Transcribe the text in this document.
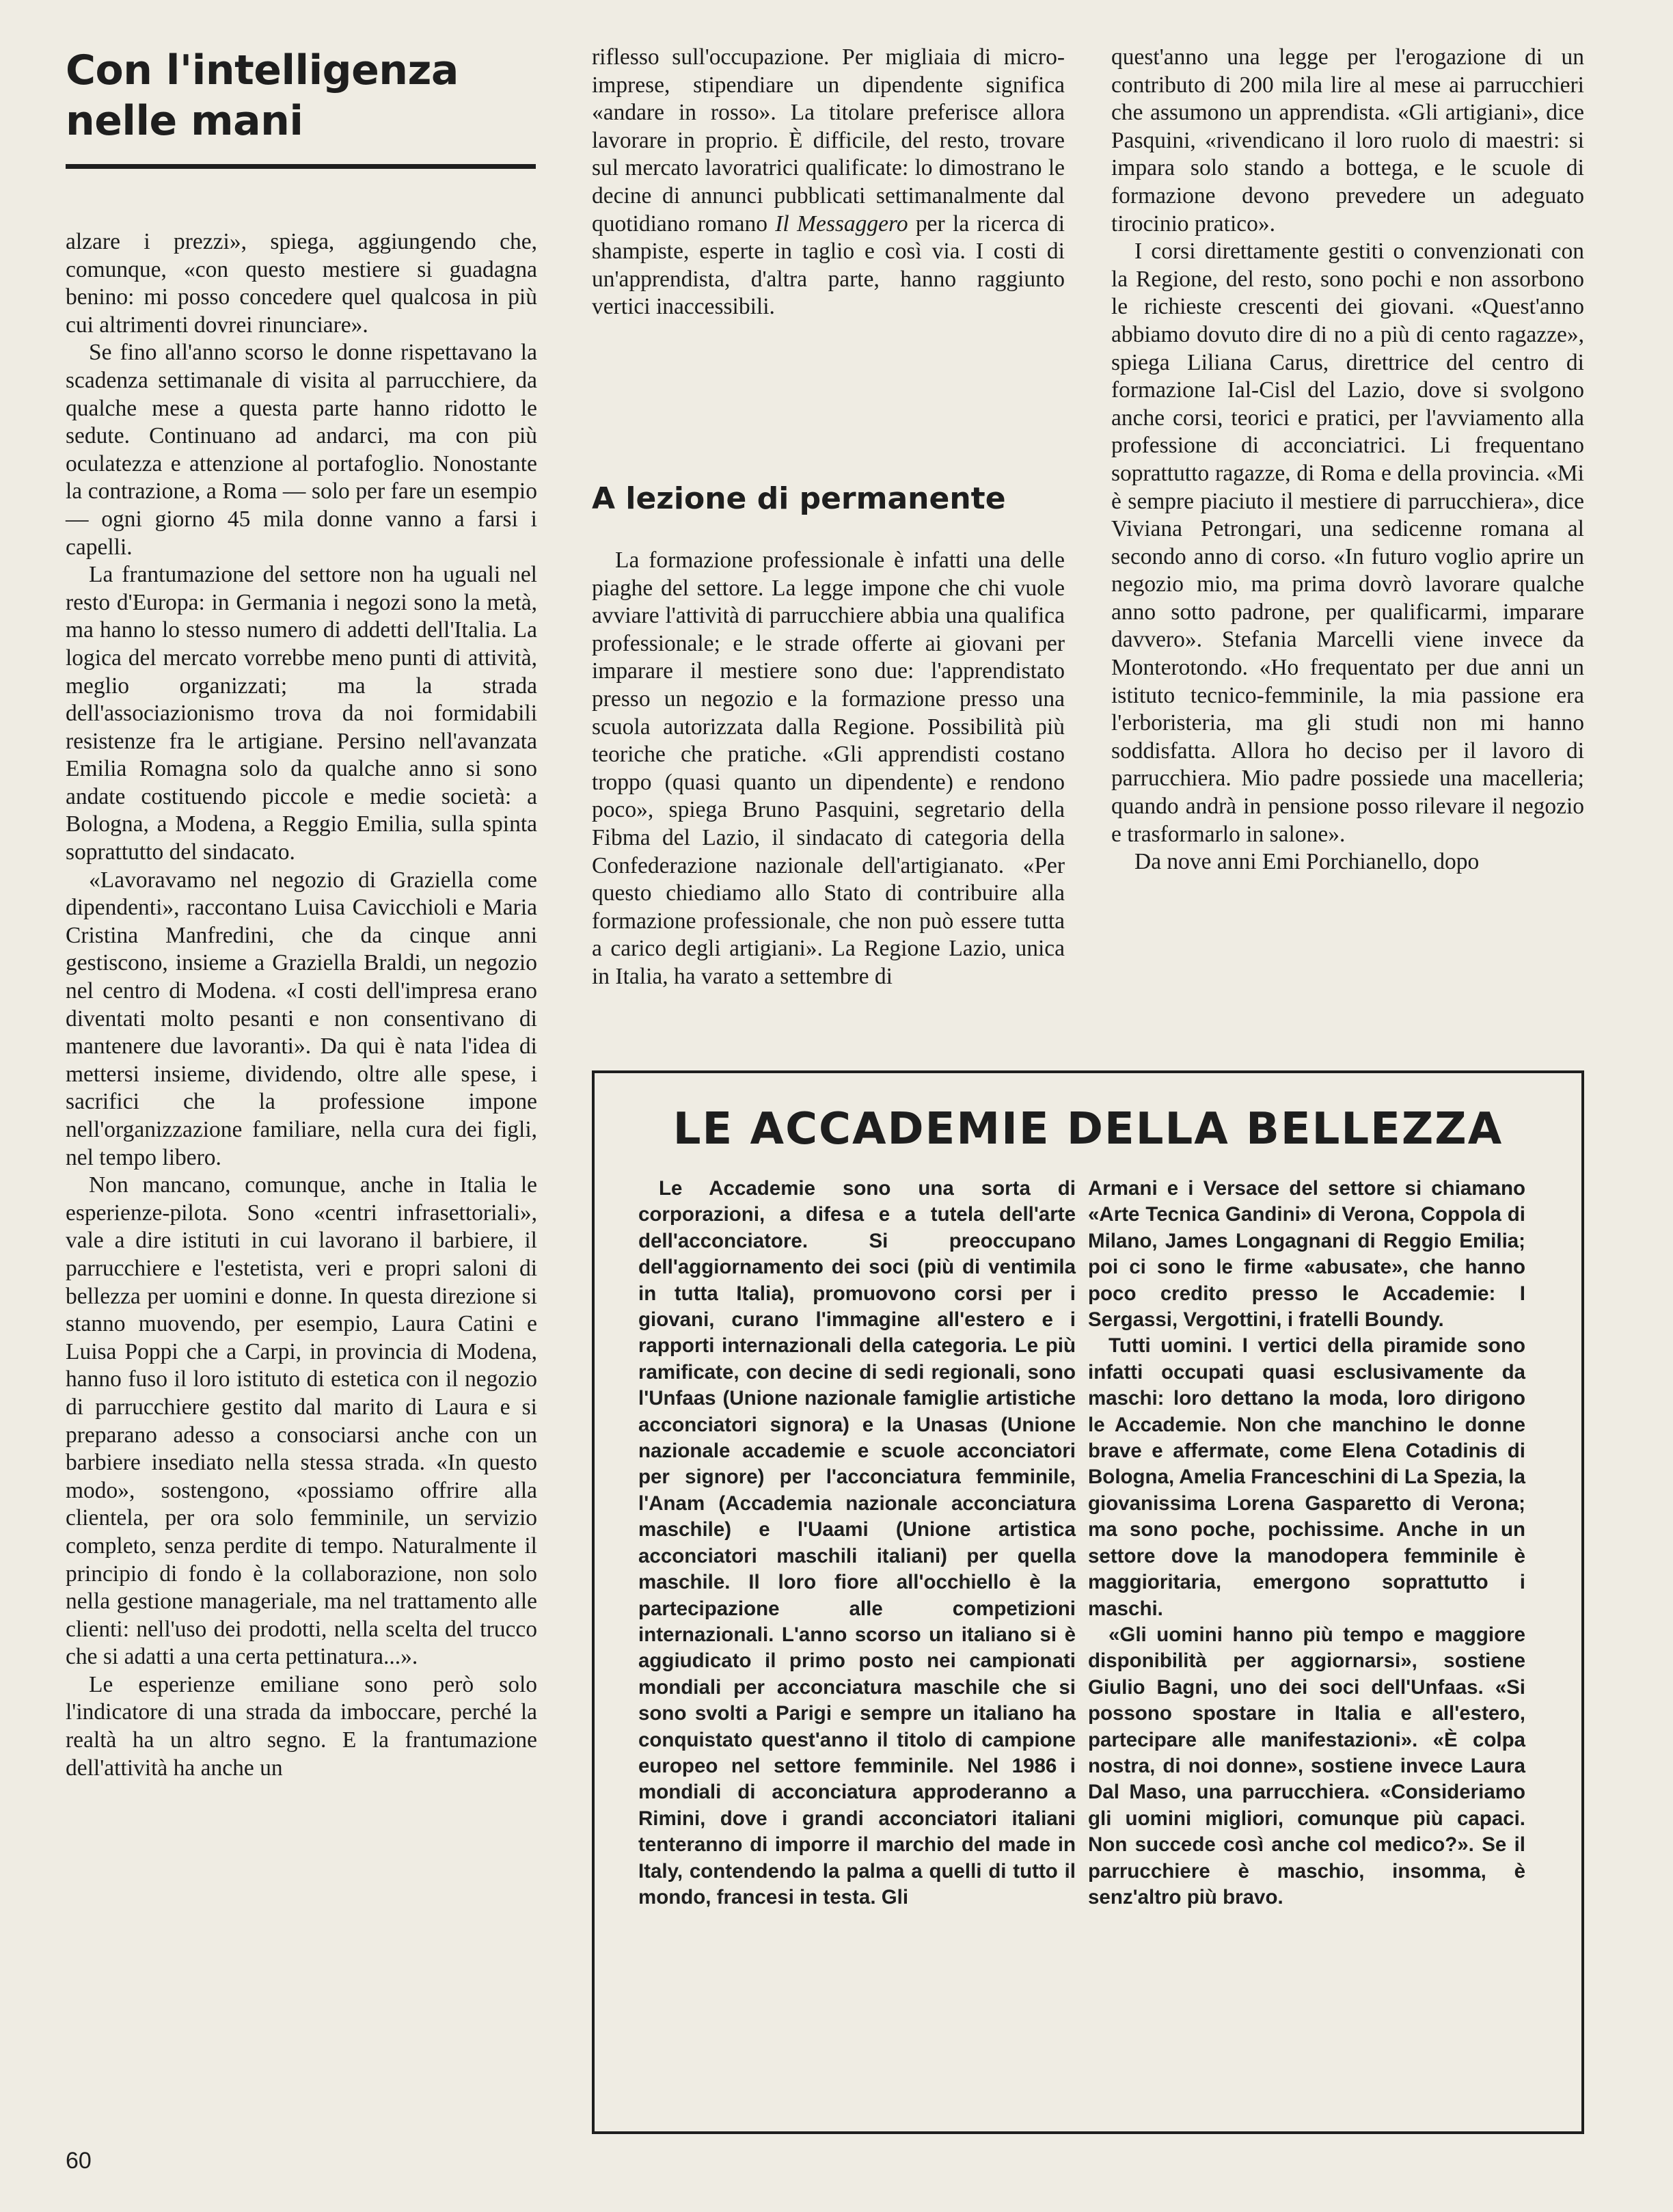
Con l'intelligenza
nelle mani

alzare i prezzi», spiega, aggiungendo che, comunque, «con questo mestiere si guadagna benino: mi posso concedere quel qualcosa in più cui altrimenti dovrei rinunciare».

Se fino all'anno scorso le donne rispettavano la scadenza settimanale di visita al parrucchiere, da qualche mese a questa parte hanno ridotto le sedute. Continuano ad andarci, ma con più oculatezza e attenzione al portafoglio. Nonostante la contrazione, a Roma — solo per fare un esempio — ogni giorno 45 mila donne vanno a farsi i capelli.

La frantumazione del settore non ha uguali nel resto d'Europa: in Germania i negozi sono la metà, ma hanno lo stesso numero di addetti dell'Italia. La logica del mercato vorrebbe meno punti di attività, meglio organizzati; ma la strada dell'associazionismo trova da noi formidabili resistenze fra le artigiane. Persino nell'avanzata Emilia Romagna solo da qualche anno si sono andate costituendo piccole e medie società: a Bologna, a Modena, a Reggio Emilia, sulla spinta soprattutto del sindacato.

«Lavoravamo nel negozio di Graziella come dipendenti», raccontano Luisa Cavicchioli e Maria Cristina Manfredini, che da cinque anni gestiscono, insieme a Graziella Braldi, un negozio nel centro di Modena. «I costi dell'impresa erano diventati molto pesanti e non consentivano di mantenere due lavoranti». Da qui è nata l'idea di mettersi insieme, dividendo, oltre alle spese, i sacrifici che la professione impone nell'organizzazione familiare, nella cura dei figli, nel tempo libero.

Non mancano, comunque, anche in Italia le esperienze-pilota. Sono «centri infrasettoriali», vale a dire istituti in cui lavorano il barbiere, il parrucchiere e l'estetista, veri e propri saloni di bellezza per uomini e donne. In questa direzione si stanno muovendo, per esempio, Laura Catini e Luisa Poppi che a Carpi, in provincia di Modena, hanno fuso il loro istituto di estetica con il negozio di parrucchiere gestito dal marito di Laura e si preparano adesso a consociarsi anche con un barbiere insediato nella stessa strada. «In questo modo», sostengono, «possiamo offrire alla clientela, per ora solo femminile, un servizio completo, senza perdite di tempo. Naturalmente il principio di fondo è la collaborazione, non solo nella gestione manageriale, ma nel trattamento alle clienti: nell'uso dei prodotti, nella scelta del trucco che si adatti a una certa pettinatura...».

Le esperienze emiliane sono però solo l'indicatore di una strada da imboccare, perché la realtà ha un altro segno. E la frantumazione dell'attività ha anche un

riflesso sull'occupazione. Per migliaia di micro-imprese, stipendiare un dipendente significa «andare in rosso». La titolare preferisce allora lavorare in proprio. È difficile, del resto, trovare sul mercato lavoratrici qualificate: lo dimostrano le decine di annunci pubblicati settimanalmente dal quotidiano romano Il Messaggero per la ricerca di shampiste, esperte in taglio e così via. I costi di un'apprendista, d'altra parte, hanno raggiunto vertici inaccessibili.

A lezione di permanente

La formazione professionale è infatti una delle piaghe del settore. La legge impone che chi vuole avviare l'attività di parrucchiere abbia una qualifica professionale; e le strade offerte ai giovani per imparare il mestiere sono due: l'apprendistato presso un negozio e la formazione presso una scuola autorizzata dalla Regione. Possibilità più teoriche che pratiche. «Gli apprendisti costano troppo (quasi quanto un dipendente) e rendono poco», spiega Bruno Pasquini, segretario della Fibma del Lazio, il sindacato di categoria della Confederazione nazionale dell'artigianato. «Per questo chiediamo allo Stato di contribuire alla formazione professionale, che non può essere tutta a carico degli artigiani». La Regione Lazio, unica in Italia, ha varato a settembre di

quest'anno una legge per l'erogazione di un contributo di 200 mila lire al mese ai parrucchieri che assumono un apprendista. «Gli artigiani», dice Pasquini, «rivendicano il loro ruolo di maestri: si impara solo stando a bottega, e le scuole di formazione devono prevedere un adeguato tirocinio pratico».

I corsi direttamente gestiti o convenzionati con la Regione, del resto, sono pochi e non assorbono le richieste crescenti dei giovani. «Quest'anno abbiamo dovuto dire di no a più di cento ragazze», spiega Liliana Carus, direttrice del centro di formazione Ial-Cisl del Lazio, dove si svolgono anche corsi, teorici e pratici, per l'avviamento alla professione di acconciatrici. Li frequentano soprattutto ragazze, di Roma e della provincia. «Mi è sempre piaciuto il mestiere di parrucchiera», dice Viviana Petrongari, una sedicenne romana al secondo anno di corso. «In futuro voglio aprire un negozio mio, ma prima dovrò lavorare qualche anno sotto padrone, per qualificarmi, imparare davvero». Stefania Marcelli viene invece da Monterotondo. «Ho frequentato per due anni un istituto tecnico-femminile, la mia passione era l'erboristeria, ma gli studi non mi hanno soddisfatta. Allora ho deciso per il lavoro di parrucchiera. Mio padre possiede una macelleria; quando andrà in pensione posso rilevare il negozio e trasformarlo in salone».

Da nove anni Emi Porchianello, dopo

LE ACCADEMIE DELLA BELLEZZA

Le Accademie sono una sorta di corporazioni, a difesa e a tutela dell'arte dell'acconciatore. Si preoccupano dell'aggiornamento dei soci (più di ventimila in tutta Italia), promuovono corsi per i giovani, curano l'immagine all'estero e i rapporti internazionali della categoria. Le più ramificate, con decine di sedi regionali, sono l'Unfaas (Unione nazionale famiglie artistiche acconciatori signora) e la Unasas (Unione nazionale accademie e scuole acconciatori per signore) per l'acconciatura femminile, l'Anam (Accademia nazionale acconciatura maschile) e l'Uaami (Unione artistica acconciatori maschili italiani) per quella maschile. Il loro fiore all'occhiello è la partecipazione alle competizioni internazionali. L'anno scorso un italiano si è aggiudicato il primo posto nei campionati mondiali per acconciatura maschile che si sono svolti a Parigi e sempre un italiano ha conquistato quest'anno il titolo di campione europeo nel settore femminile. Nel 1986 i mondiali di acconciatura approderanno a Rimini, dove i grandi acconciatori italiani tenteranno di imporre il marchio del made in Italy, contendendo la palma a quelli di tutto il mondo, francesi in testa. Gli

Armani e i Versace del settore si chiamano «Arte Tecnica Gandini» di Verona, Coppola di Milano, James Longagnani di Reggio Emilia; poi ci sono le firme «abusate», che hanno poco credito presso le Accademie: I Sergassi, Vergottini, i fratelli Boundy.

Tutti uomini. I vertici della piramide sono infatti occupati quasi esclusivamente da maschi: loro dettano la moda, loro dirigono le Accademie. Non che manchino le donne brave e affermate, come Elena Cotadinis di Bologna, Amelia Franceschini di La Spezia, la giovanissima Lorena Gasparetto di Verona; ma sono poche, pochissime. Anche in un settore dove la manodopera femminile è maggioritaria, emergono soprattutto i maschi.

«Gli uomini hanno più tempo e maggiore disponibilità per aggiornarsi», sostiene Giulio Bagni, uno dei soci dell'Unfaas. «Si possono spostare in Italia e all'estero, partecipare alle manifestazioni». «È colpa nostra, di noi donne», sostiene invece Laura Dal Maso, una parrucchiera. «Consideriamo gli uomini migliori, comunque più capaci. Non succede così anche col medico?». Se il parrucchiere è maschio, insomma, è senz'altro più bravo.

60
